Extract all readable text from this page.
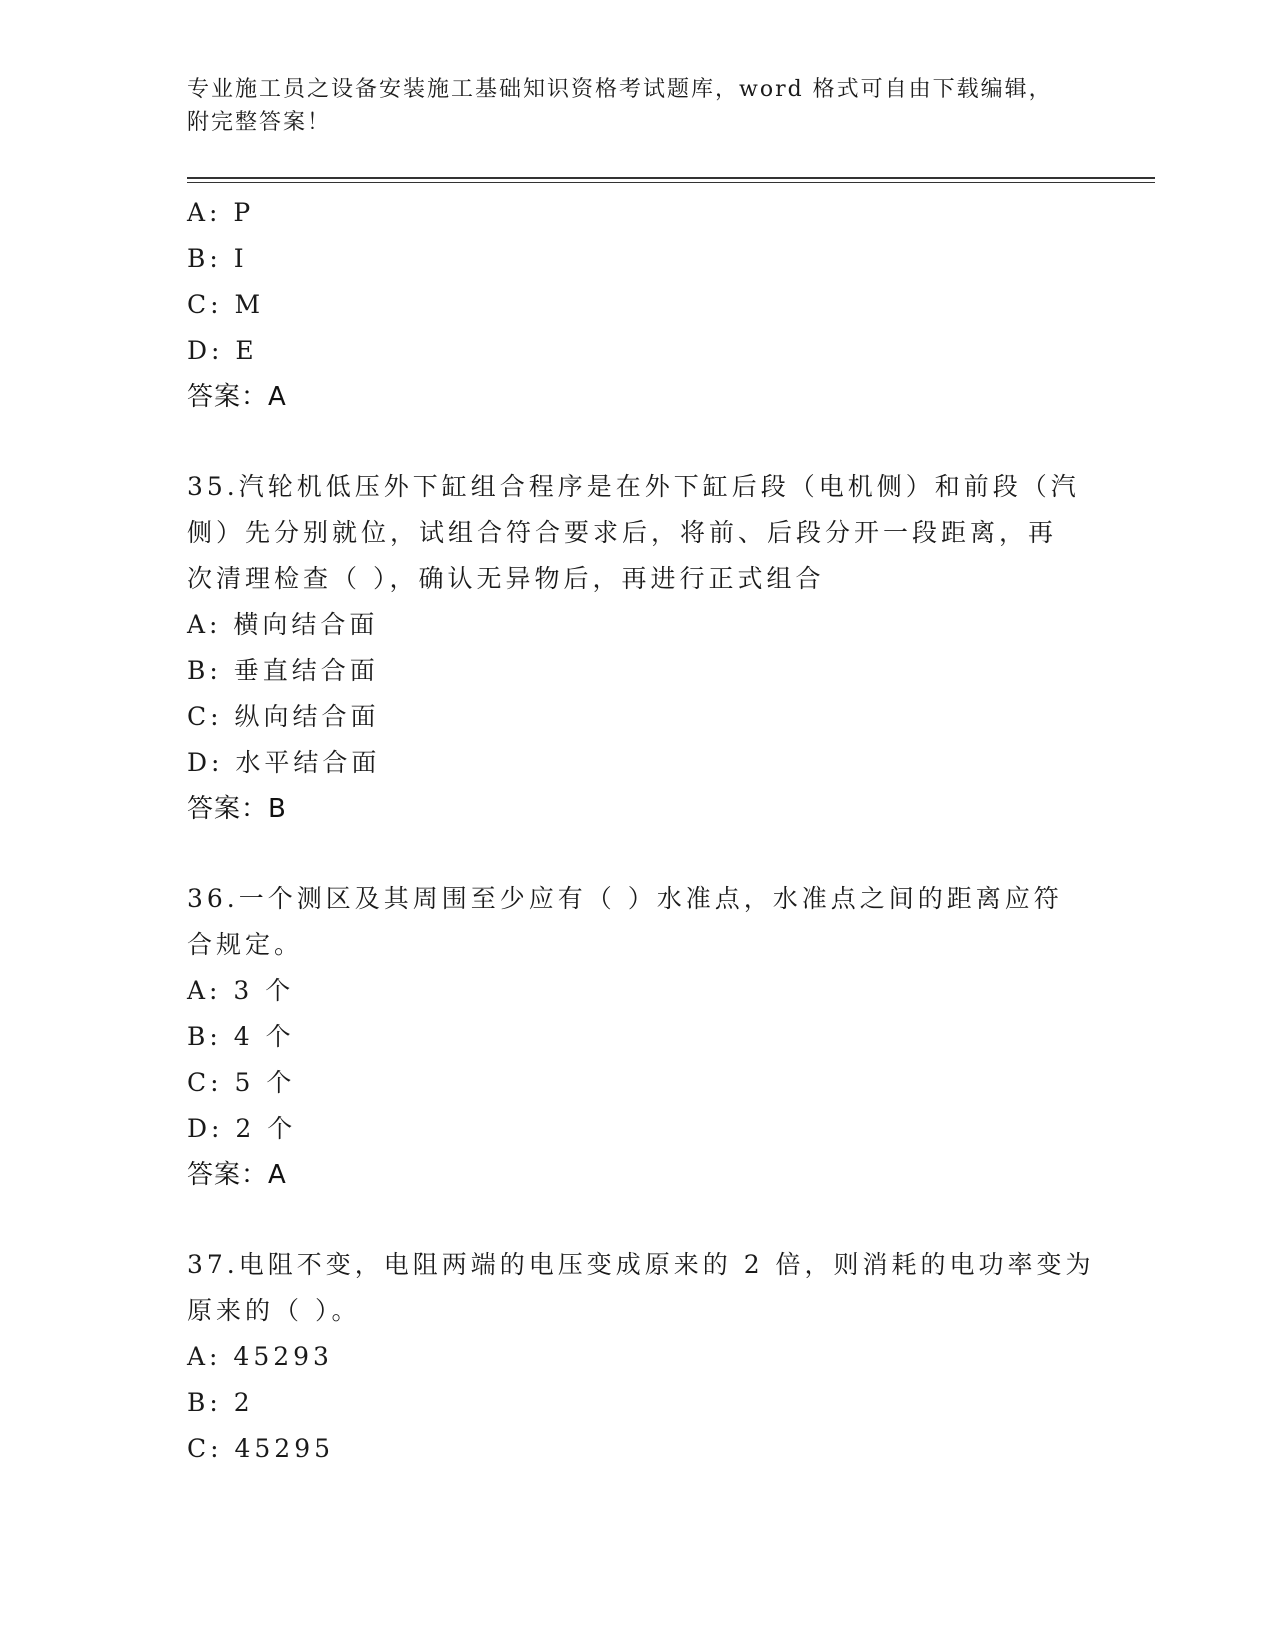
专业施工员之设备安装施工基础知识资格考试题库，word 格式可自由下载编辑，
附完整答案！
A: P
B: I
C: M
D: E
答案：A
35.汽轮机低压外下缸组合程序是在外下缸后段（电机侧）和前段（汽
侧）先分别就位，试组合符合要求后，将前、后段分开一段距离，再
次清理检查（ ），确认无异物后，再进行正式组合
A: 横向结合面
B: 垂直结合面
C: 纵向结合面
D: 水平结合面
答案：B
36.一个测区及其周围至少应有（ ）水准点，水准点之间的距离应符
合规定。
A: 3 个
B: 4 个
C: 5 个
D: 2 个
答案：A
37.电阻不变，电阻两端的电压变成原来的 2 倍，则消耗的电功率变为
原来的（ ）。
A: 45293
B: 2
C: 45295
